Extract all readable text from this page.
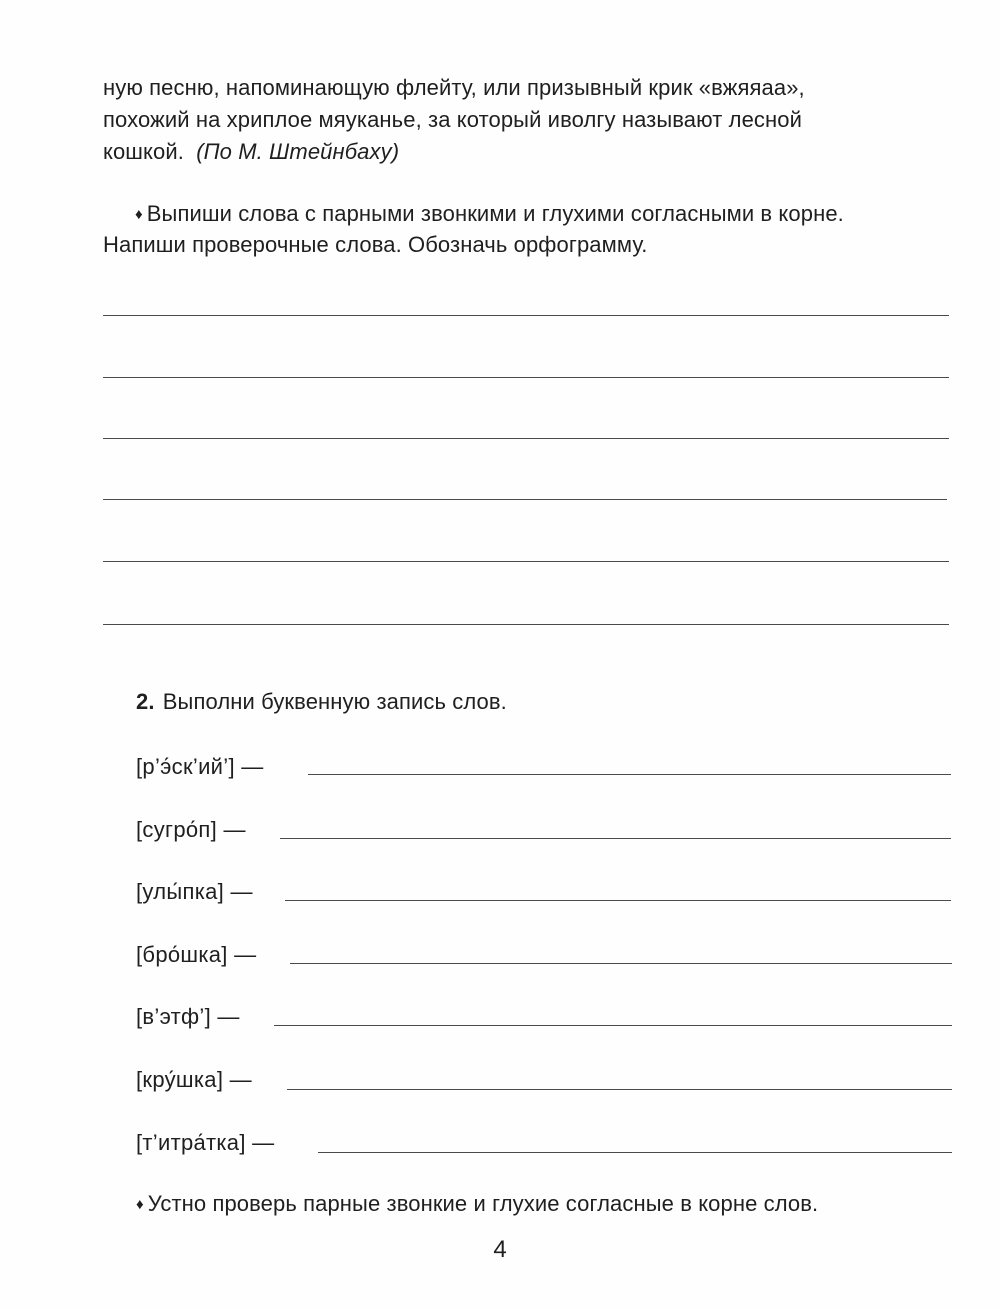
ную песню, напоминающую флейту, или призывный крик «вжяяаа»,

похожий на хриплое мяуканье, за который иволгу называют лесной

кошкой. (По М. Штейнбаху)

♦ Выпиши слова с парными звонкими и глухими согласными в корне.

Напиши проверочные слова. Обозначь орфограмму.

2. Выполни буквенную запись слов.

[р’э́ск’ий’] —
[сугро́п] —
[улы́пка] —
[бро́шка] —
[в’этф’] —
[кру́шка] —
[т’итра́тка] —

♦ Устно проверь парные звонкие и глухие согласные в корне слов.

4
